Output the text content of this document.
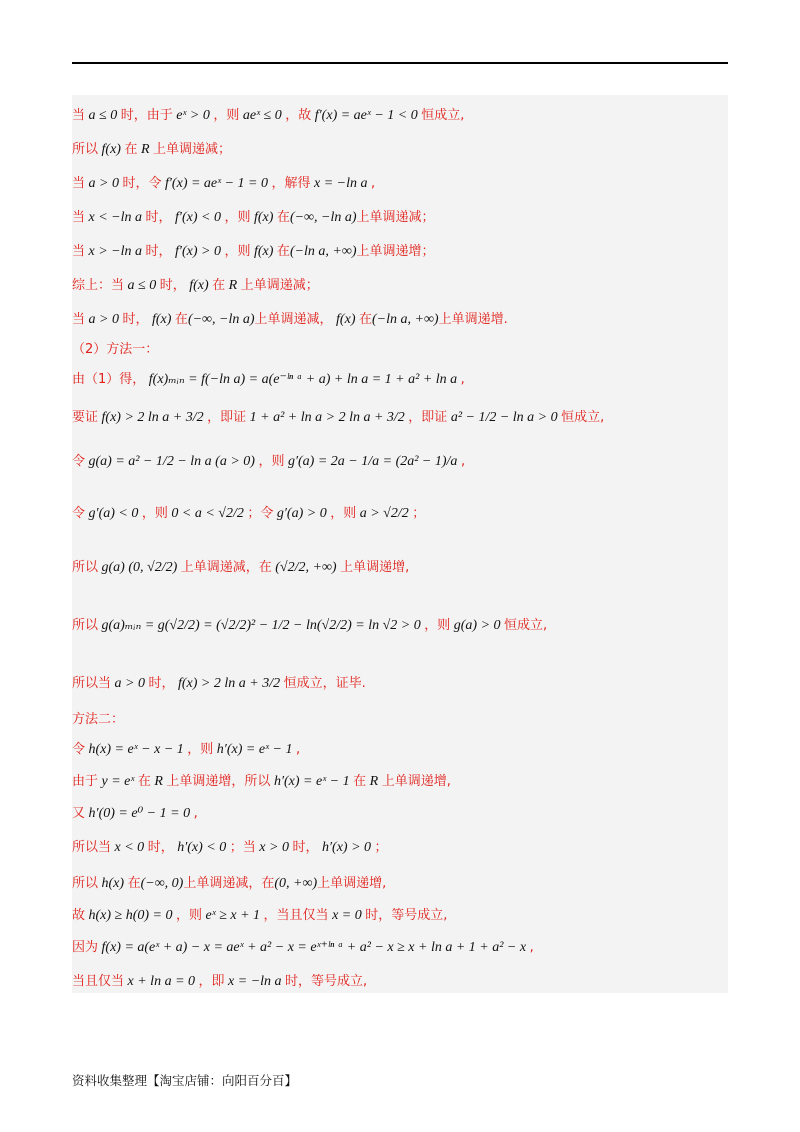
当 a ≤ 0 时，由于 eˣ > 0 ，则 aeˣ ≤ 0 ，故 f′(x) = aeˣ − 1 < 0 恒成立,
所以 f(x) 在 R 上单调递减；
当 a > 0 时，令 f′(x) = aeˣ − 1 = 0 ，解得 x = −ln a ,
当 x < −ln a 时， f′(x) < 0 ，则 f(x) 在(−∞, −ln a)上单调递减；
当 x > −ln a 时， f′(x) > 0 ，则 f(x) 在(−ln a, +∞)上单调递增；
综上：当 a ≤ 0 时， f(x) 在 R 上单调递减；
当 a > 0 时， f(x) 在(−∞, −ln a)上单调递减， f(x) 在(−ln a, +∞)上单调递增.
（2）方法一：
由（1）得， f(x)ₘᵢₙ = f(−ln a) = a(e⁻ˡⁿ ᵃ + a) + ln a = 1 + a² + ln a ,
要证 f(x) > 2 ln a + 3/2 ，即证 1 + a² + ln a > 2 ln a + 3/2 ，即证 a² − 1/2 − ln a > 0 恒成立,
令 g(a) = a² − 1/2 − ln a (a > 0) ，则 g′(a) = 2a − 1/a = (2a² − 1)/a ,
令 g′(a) < 0 ，则 0 < a < √2/2 ；令 g′(a) > 0 ，则 a > √2/2 ；
所以 g(a) (0, √2/2) 上单调递减，在 (√2/2, +∞) 上单调递增,
所以 g(a)ₘᵢₙ = g(√2/2) = (√2/2)² − 1/2 − ln(√2/2) = ln √2 > 0 ，则 g(a) > 0 恒成立,
所以当 a > 0 时， f(x) > 2 ln a + 3/2 恒成立，证毕.
方法二：
令 h(x) = eˣ − x − 1 ，则 h′(x) = eˣ − 1 ,
由于 y = eˣ 在 R 上单调递增，所以 h′(x) = eˣ − 1 在 R 上单调递增,
又 h′(0) = e⁰ − 1 = 0 ,
所以当 x < 0 时， h′(x) < 0 ；当 x > 0 时， h′(x) > 0 ；
所以 h(x) 在(−∞, 0)上单调递减，在(0, +∞)上单调递增,
故 h(x) ≥ h(0) = 0 ，则 eˣ ≥ x + 1 ，当且仅当 x = 0 时，等号成立,
因为 f(x) = a(eˣ + a) − x = aeˣ + a² − x = eˣ⁺ˡⁿ ᵃ + a² − x ≥ x + ln a + 1 + a² − x ,
当且仅当 x + ln a = 0 ，即 x = −ln a 时，等号成立,
资料收集整理【淘宝店铺：向阳百分百】
